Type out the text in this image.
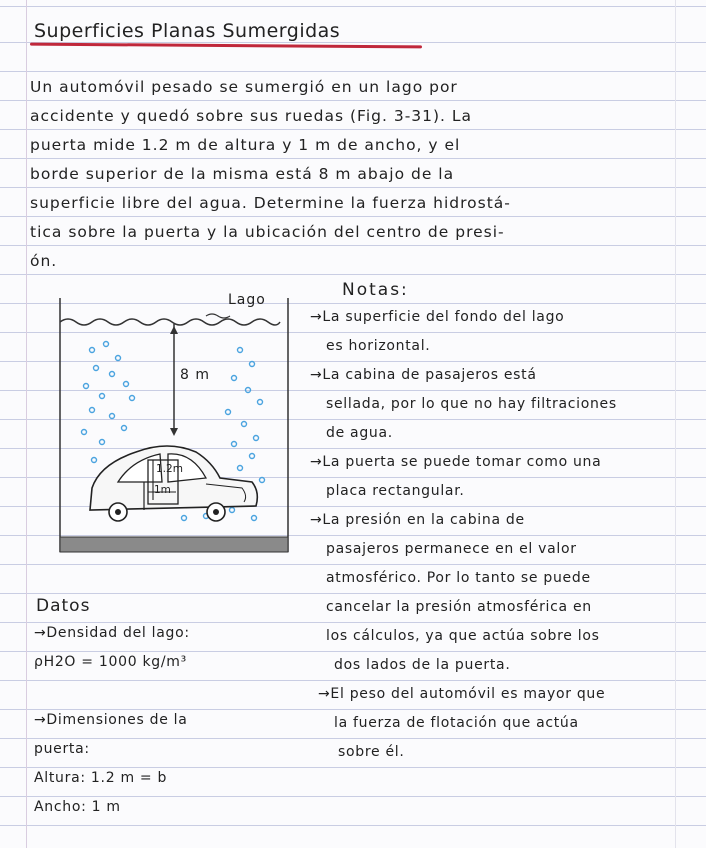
Superficies Planas Sumergidas
Un automóvil pesado se sumergió en un lago por
accidente y quedó sobre sus ruedas (Fig. 3-31). La
puerta mide 1.2 m de altura y 1 m de ancho, y el
borde superior de la misma está 8 m abajo de la
superficie libre del agua. Determine la fuerza hidrostá-
tica sobre la puerta y la ubicación del centro de presi-
ón.
Lago
8 m
1.2m
1m
Notas:
→La superficie del fondo del lago
es horizontal.
→La cabina de pasajeros está
sellada, por lo que no hay filtraciones
de agua.
→La puerta se puede tomar como una
placa rectangular.
→La presión en la cabina de
pasajeros permanece en el valor
atmosférico. Por lo tanto se puede
cancelar la presión atmosférica en
los cálculos, ya que actúa sobre los
dos lados de la puerta.
→El peso del automóvil es mayor que
la fuerza de flotación que actúa
sobre él.
Datos
→Densidad del lago:
ρH2O = 1000 kg/m³
→Dimensiones de la
puerta:
Altura: 1.2 m = b
Ancho: 1 m
